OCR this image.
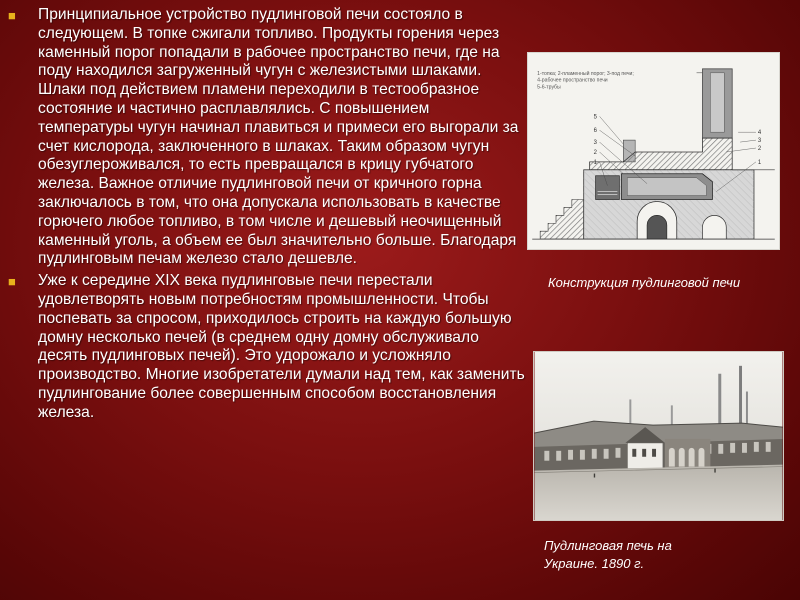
■ Принципиальное устройство пудлинговой печи состояло в следующем. В топке сжигали топливо. Продукты горения через каменный порог попадали в рабочее пространство печи, где на поду находился загруженный чугун с железистыми шлаками. Шлаки под действием пламени переходили в тестообразное состояние и частично расплавлялись. С повышением температуры чугун начинал плавиться и примеси его выгорали за счет кислорода, заключенного в шлаках. Таким образом чугун обезуглероживался, то есть превращался в крицу губчатого железа. Важное отличие пудлинговой печи от кричного горна заключалось в том, что она допускала использовать в качестве горючего любое топливо, в том числе и дешевый неочищенный каменный уголь, а объем ее был значительно больше. Благодаря пудлинговым печам железо стало дешевле.
■ Уже к середине XIX века пудлинговые печи перестали удовлетворять новым потребностям промышленности. Чтобы поспевать за спросом, приходилось строить на каждую большую домну несколько печей (в среднем одну домну обслуживало десять пудлинговых печей). Это удорожало и усложняло производство. Многие изобретатели думали над тем, как заменить пудлингование более совершенным способом восстановления железа.
1-топка; 2-пламенный порог; 3-под печи;
4-рабочее пространство печи
5-6-трубы
5
6
3
2
1
4
3
2
1
Конструкция пудлинговой печи
Пудлинговая печь на
Украине. 1890 г.
